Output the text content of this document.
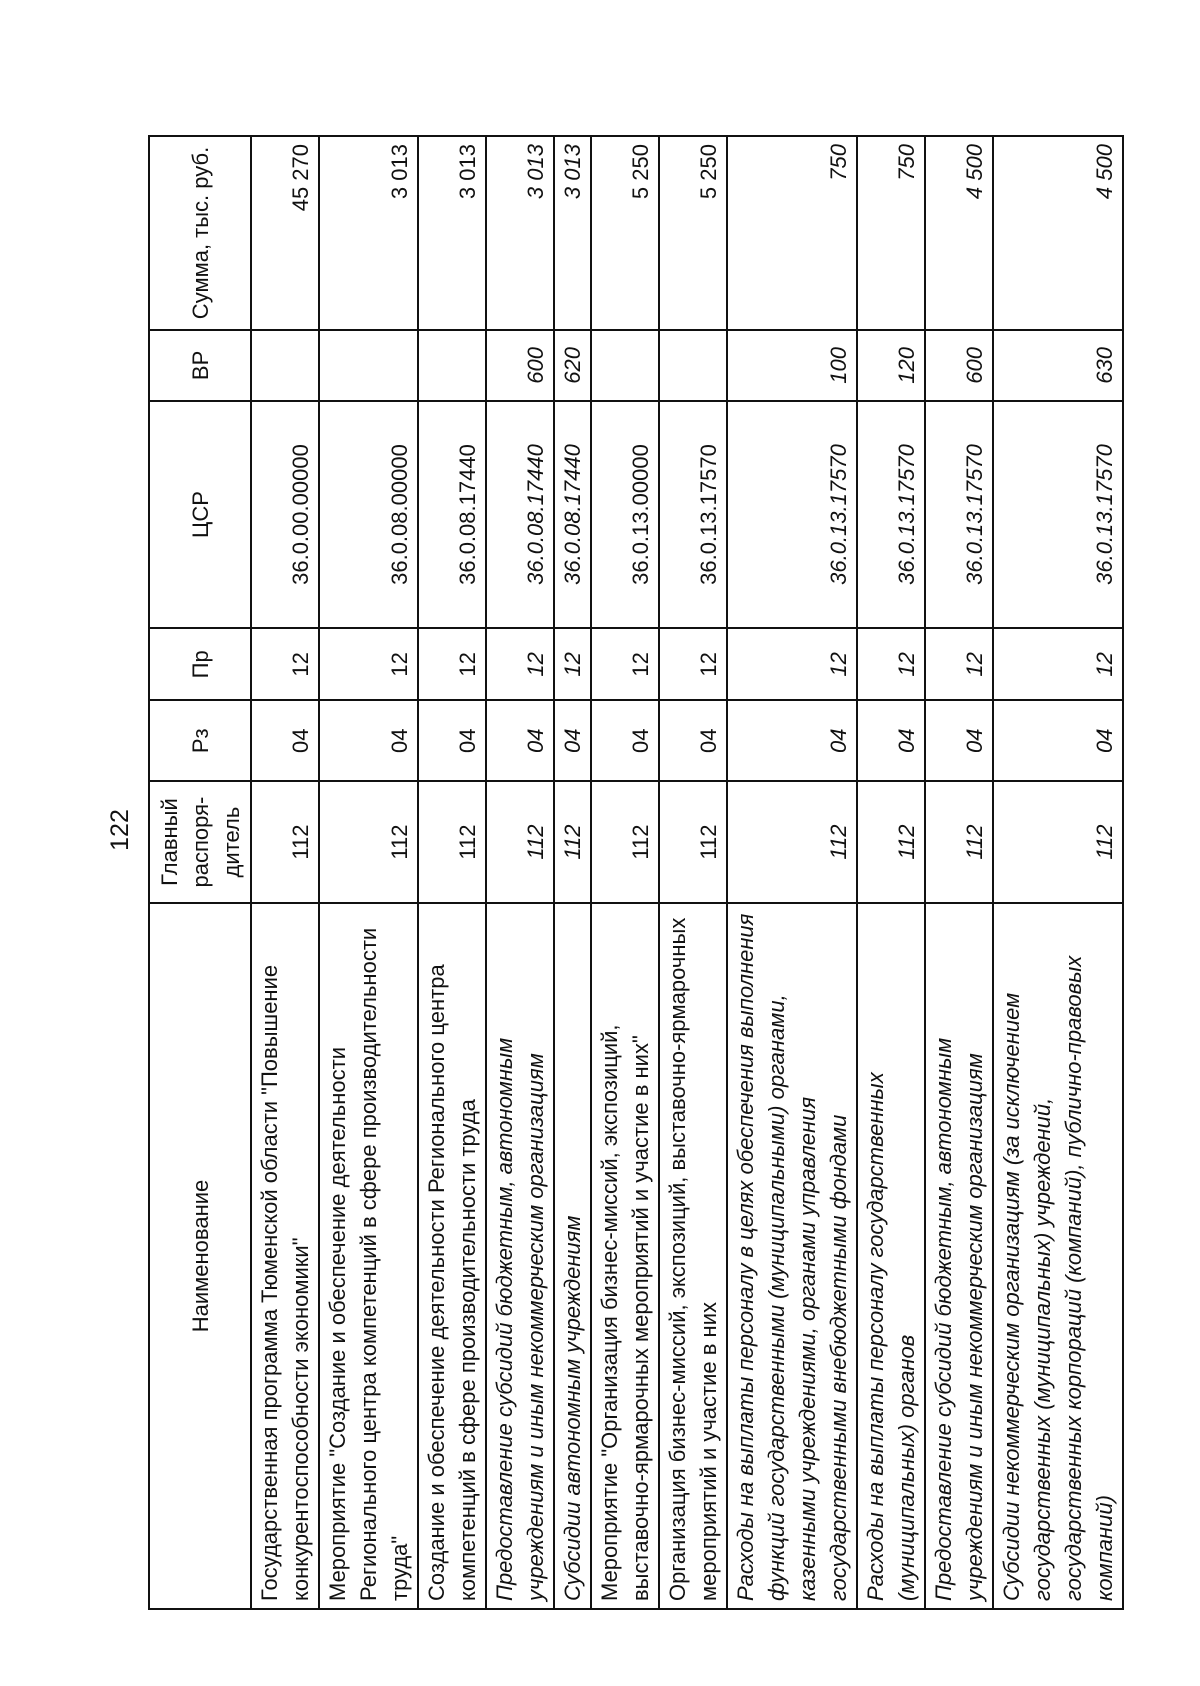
122
Наименование	Главный распоря- дитель	Рз	Пр	ЦСР	ВР	Сумма, тыс. руб.
Государственная программа Тюменской области "Повышение конкурентоспособности экономики"	112	04	12	36.0.00.00000		45 270
Мероприятие "Создание и обеспечение деятельности Регионального центра компетенций в сфере производительности труда"	112	04	12	36.0.08.00000		3 013
Создание и обеспечение деятельности Регионального центра компетенций в сфере производительности труда	112	04	12	36.0.08.17440		3 013
Предоставление субсидий бюджетным, автономным учреждениям и иным некоммерческим организациям	112	04	12	36.0.08.17440	600	3 013
Субсидии автономным учреждениям	112	04	12	36.0.08.17440	620	3 013
Мероприятие "Организация бизнес-миссий, экспозиций, выставочно-ярмарочных мероприятий и участие в них"	112	04	12	36.0.13.00000		5 250
Организация бизнес-миссий, экспозиций, выставочно-ярмарочных мероприятий и участие в них	112	04	12	36.0.13.17570		5 250
Расходы на выплаты персоналу в целях обеспечения выполнения функций государственными (муниципальными) органами, казенными учреждениями, органами управления государственными внебюджетными фондами	112	04	12	36.0.13.17570	100	750
Расходы на выплаты персоналу государственных (муниципальных) органов	112	04	12	36.0.13.17570	120	750
Предоставление субсидий бюджетным, автономным учреждениям и иным некоммерческим организациям	112	04	12	36.0.13.17570	600	4 500
Субсидии некоммерческим организациям (за исключением государственных (муниципальных) учреждений, государственных корпораций (компаний), публично-правовых компаний)	112	04	12	36.0.13.17570	630	4 500
